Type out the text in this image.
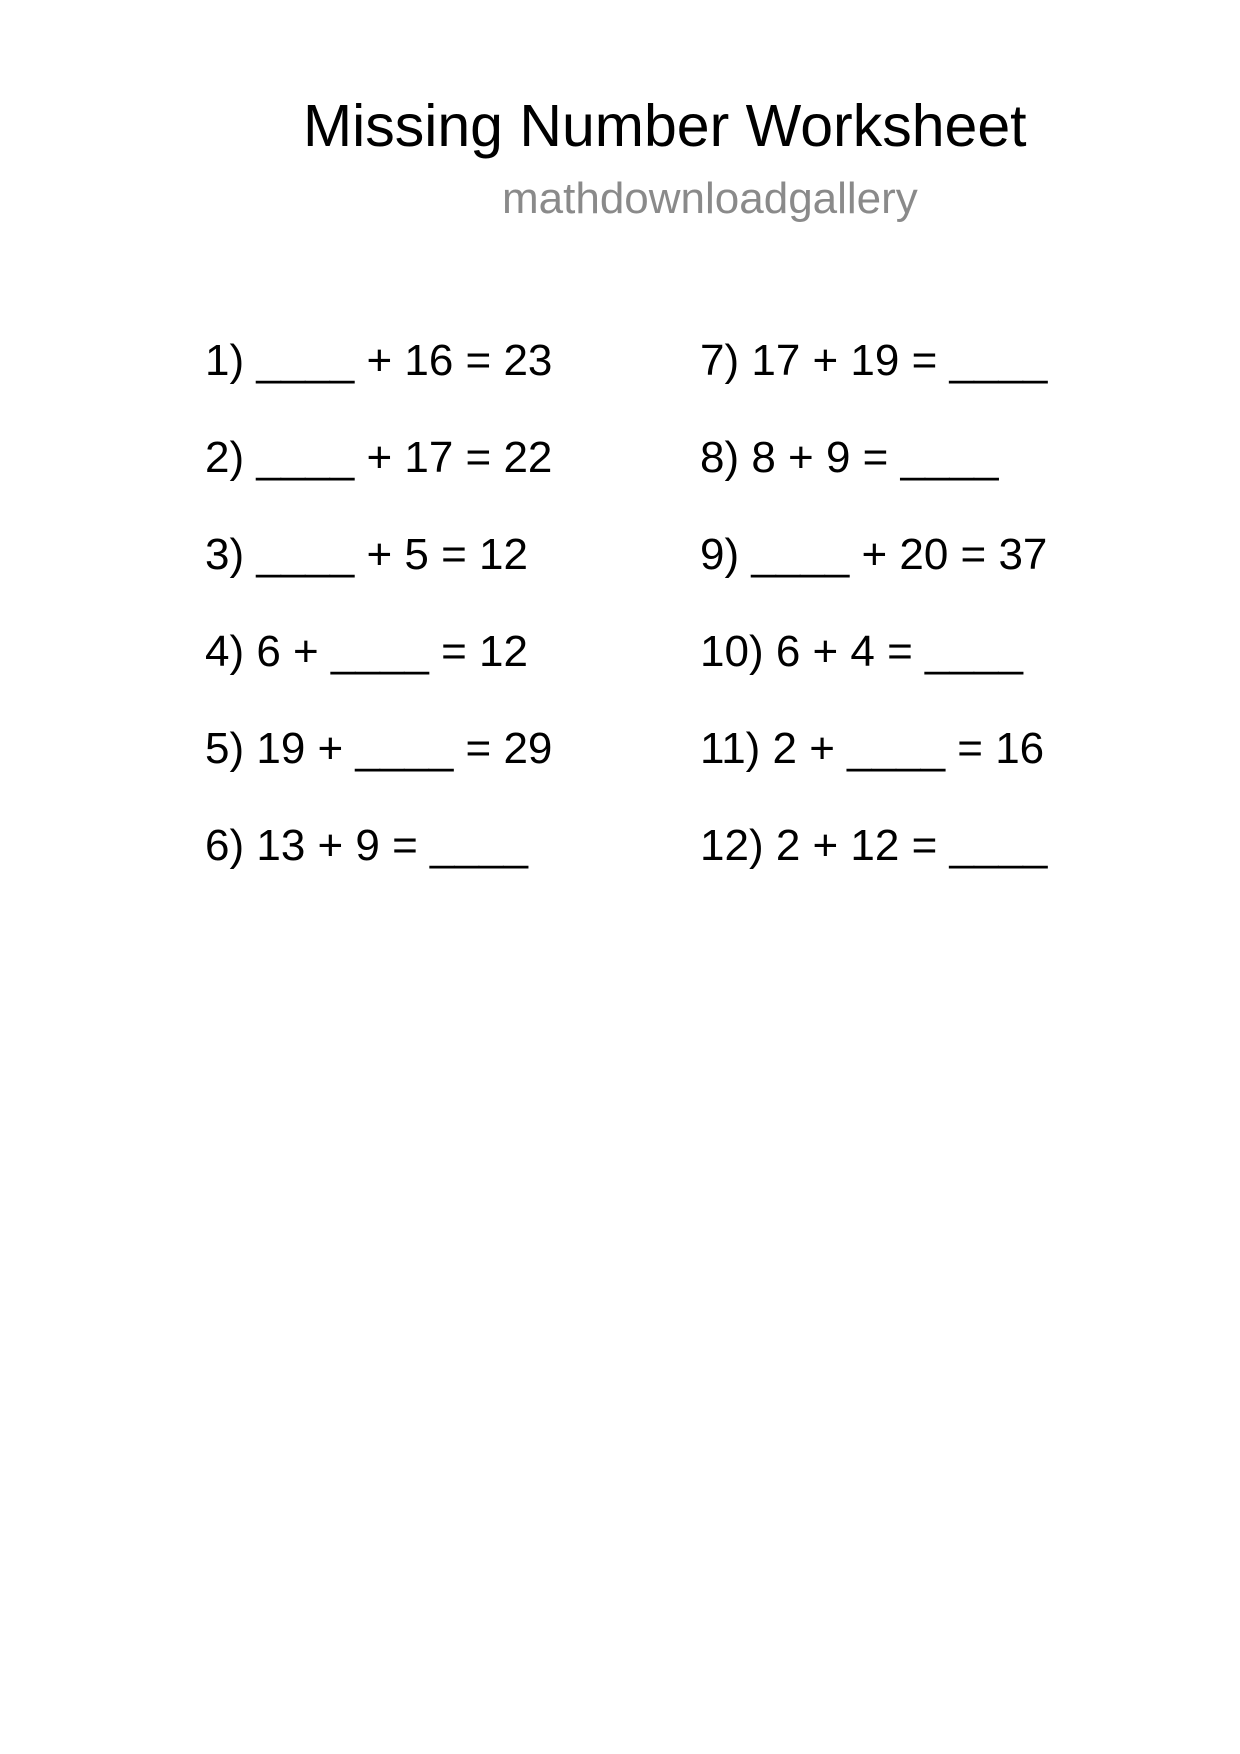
Missing Number Worksheet
mathdownloadgallery
1) ____ + 16 = 23
2) ____ + 17 = 22
3) ____ + 5 = 12
4) 6 + ____ = 12
5) 19 + ____ = 29
6) 13 + 9 = ____
7) 17 + 19 = ____
8) 8 + 9 = ____
9) ____ + 20 = 37
10) 6 + 4 = ____
11) 2 + ____ = 16
12) 2 + 12 = ____
